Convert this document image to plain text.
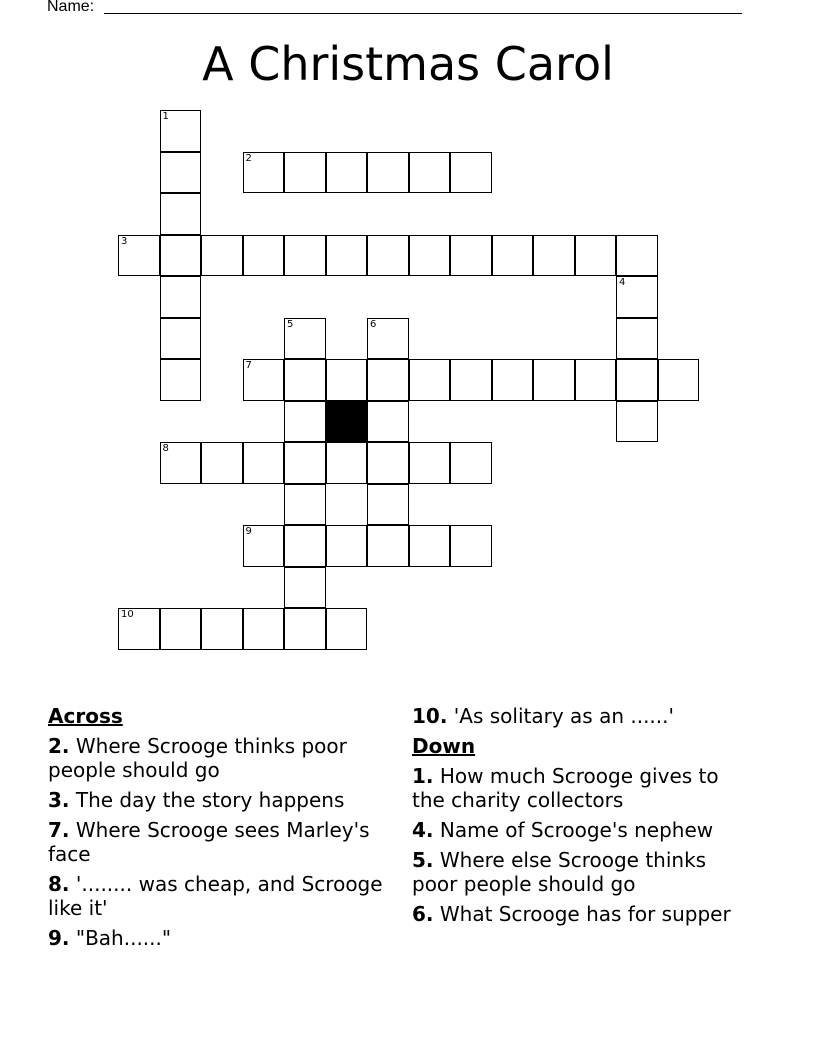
Name:
A Christmas Carol
1
2
3
4
5	6
7
8
9
10
Across
2. Where Scrooge thinks poor people should go
3. The day the story happens
7. Where Scrooge sees Marley's face
8. '........ was cheap, and Scrooge like it'
9. "Bah......"
10. 'As solitary as an ......'
Down
1. How much Scrooge gives to the charity collectors
4. Name of Scrooge's nephew
5. Where else Scrooge thinks poor people should go
6. What Scrooge has for supper
